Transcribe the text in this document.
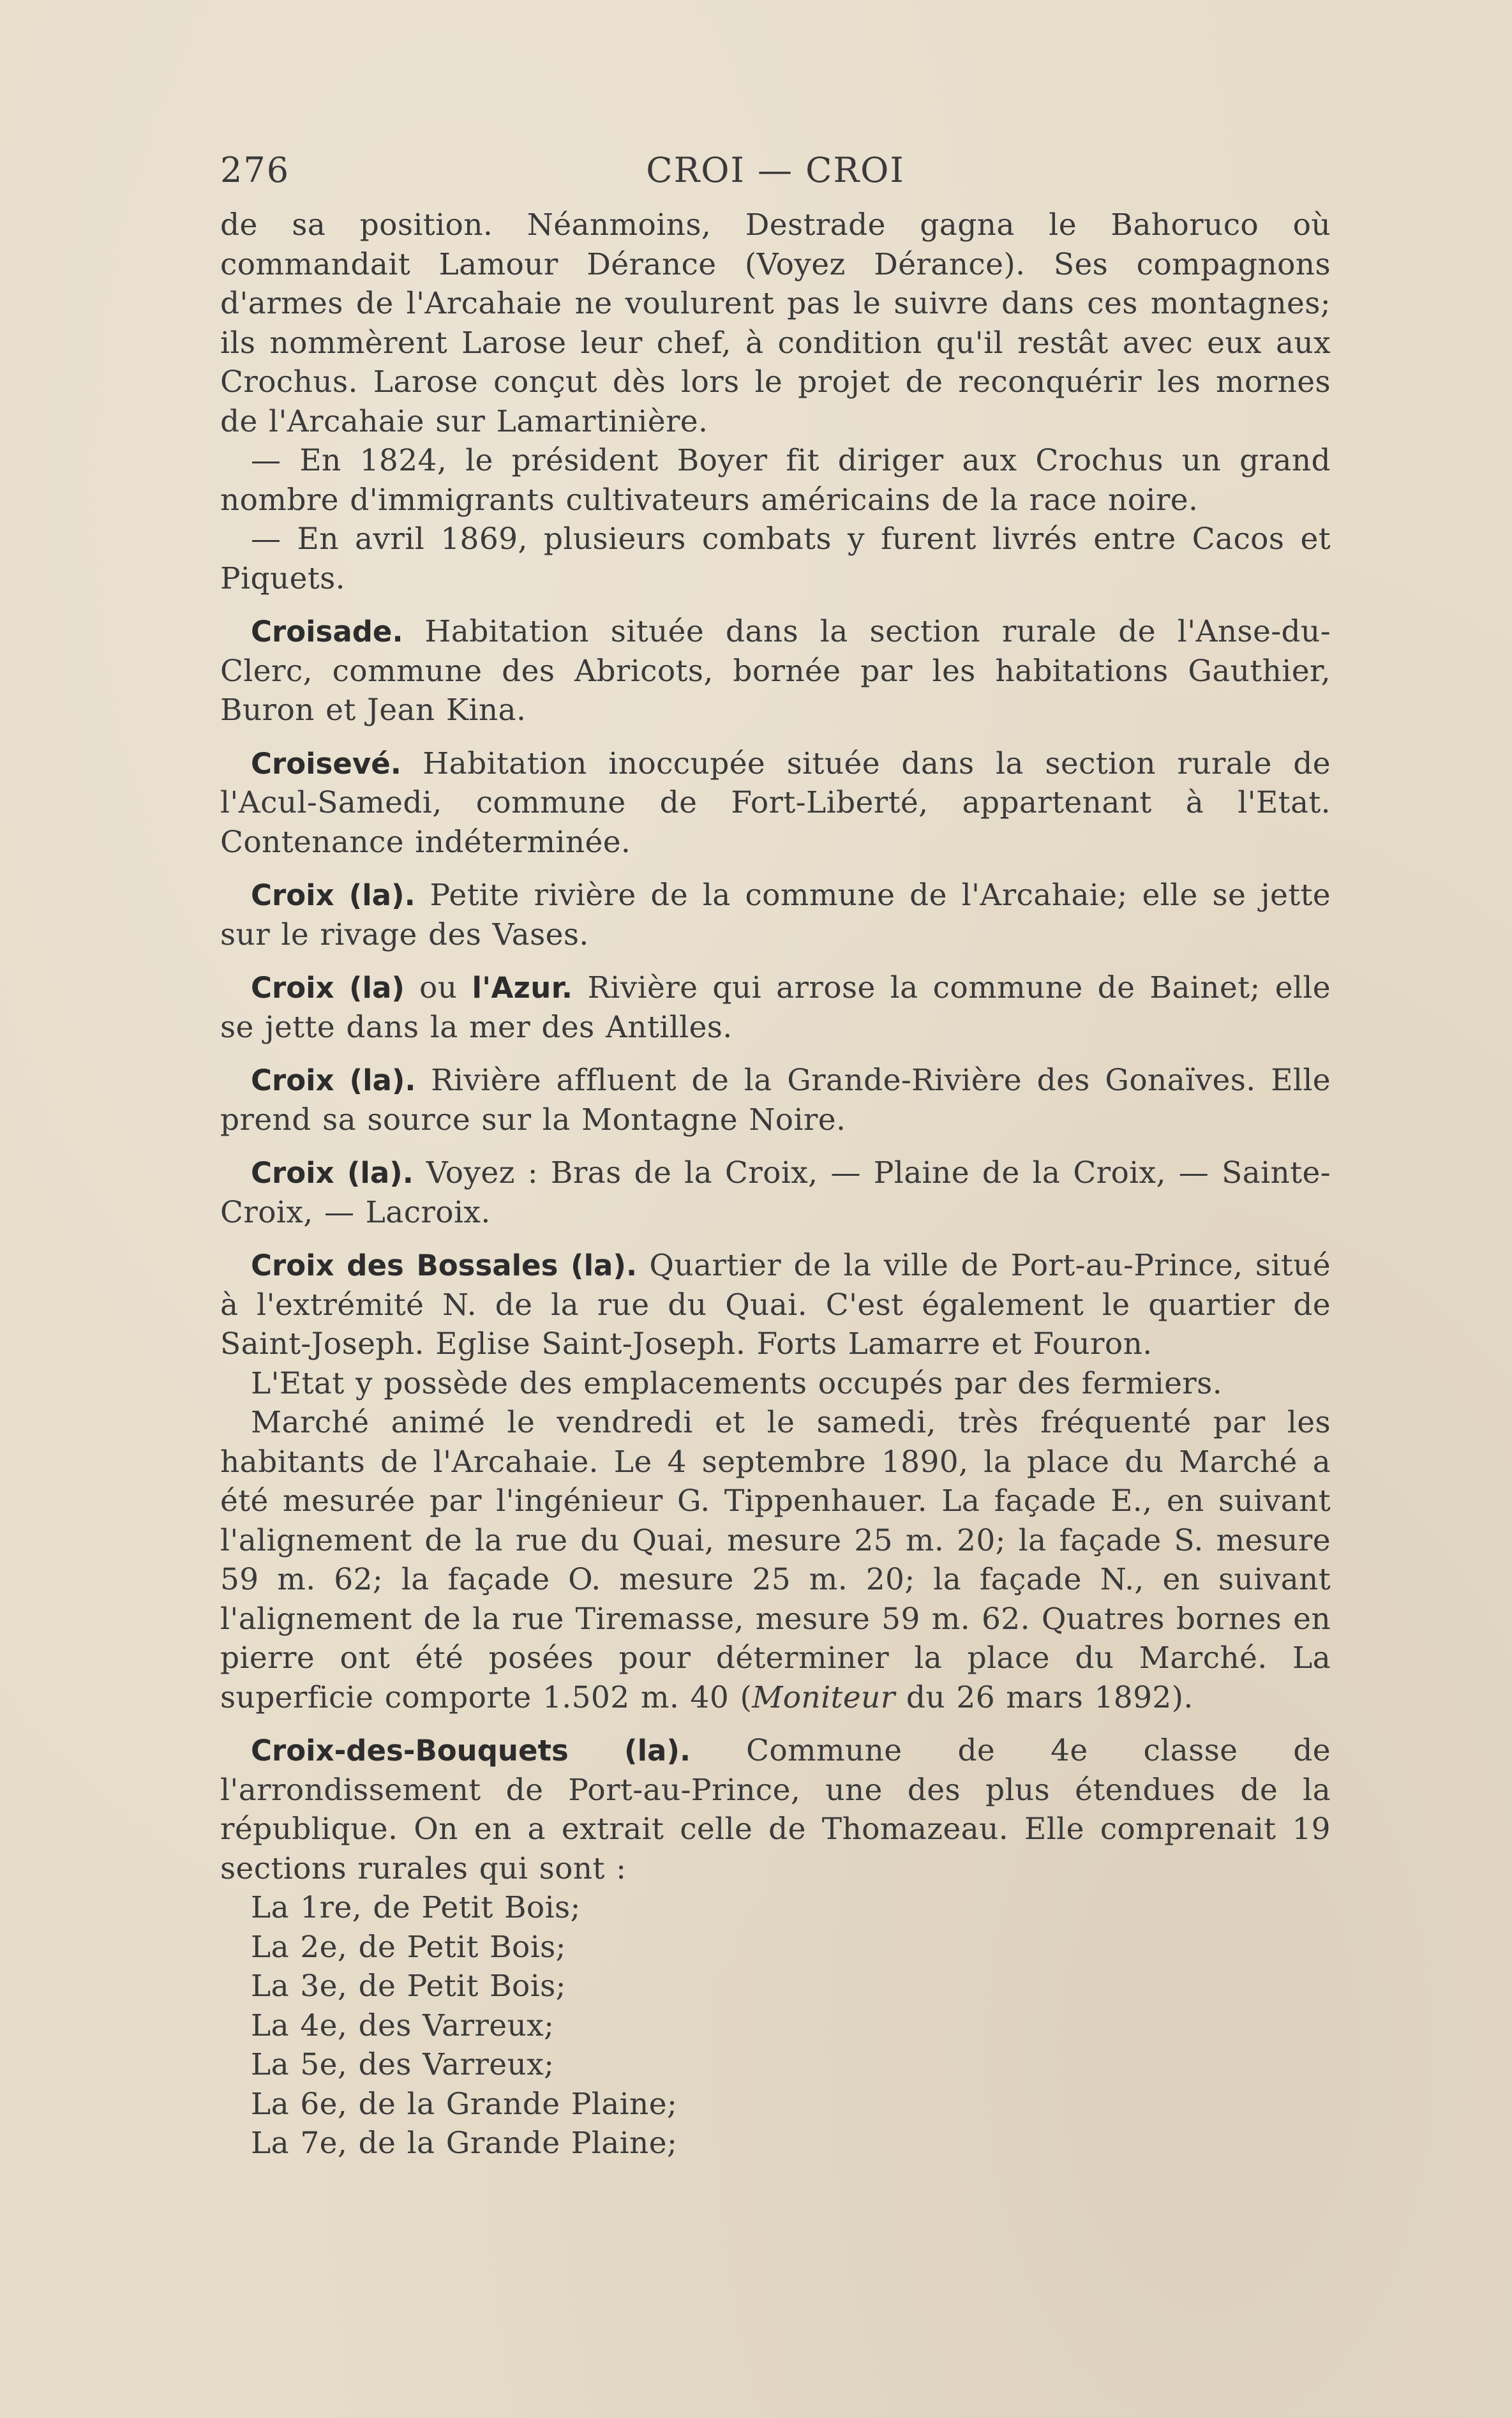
276	CROI — CROI

de sa position. Néanmoins, Destrade gagna le Bahoruco où commandait Lamour Dérance (Voyez Dérance). Ses compagnons d'armes de l'Arcahaie ne voulurent pas le suivre dans ces montagnes; ils nommèrent Larose leur chef, à condition qu'il restât avec eux aux Crochus. Larose conçut dès lors le projet de reconquérir les mornes de l'Arcahaie sur Lamartinière.

— En 1824, le président Boyer fit diriger aux Crochus un grand nombre d'immigrants cultivateurs américains de la race noire.

— En avril 1869, plusieurs combats y furent livrés entre Cacos et Piquets.

Croisade. Habitation située dans la section rurale de l'Anse-du-Clerc, commune des Abricots, bornée par les habitations Gauthier, Buron et Jean Kina.

Croisevé. Habitation inoccupée située dans la section rurale de l'Acul-Samedi, commune de Fort-Liberté, appartenant à l'Etat. Contenance indéterminée.

Croix (la). Petite rivière de la commune de l'Arcahaie; elle se jette sur le rivage des Vases.

Croix (la) ou l'Azur. Rivière qui arrose la commune de Bainet; elle se jette dans la mer des Antilles.

Croix (la). Rivière affluent de la Grande-Rivière des Gonaïves. Elle prend sa source sur la Montagne Noire.

Croix (la). Voyez : Bras de la Croix, — Plaine de la Croix, — Sainte-Croix, — Lacroix.

Croix des Bossales (la). Quartier de la ville de Port-au-Prince, situé à l'extrémité N. de la rue du Quai. C'est également le quartier de Saint-Joseph. Eglise Saint-Joseph. Forts Lamarre et Fouron.

L'Etat y possède des emplacements occupés par des fermiers.

Marché animé le vendredi et le samedi, très fréquenté par les habitants de l'Arcahaie. Le 4 septembre 1890, la place du Marché a été mesurée par l'ingénieur G. Tippenhauer. La façade E., en suivant l'alignement de la rue du Quai, mesure 25 m. 20; la façade S. mesure 59 m. 62; la façade O. mesure 25 m. 20; la façade N., en suivant l'alignement de la rue Tiremasse, mesure 59 m. 62. Quatres bornes en pierre ont été posées pour déterminer la place du Marché. La superficie comporte 1.502 m. 40 (Moniteur du 26 mars 1892).

Croix-des-Bouquets (la). Commune de 4e classe de l'arrondissement de Port-au-Prince, une des plus étendues de la république. On en a extrait celle de Thomazeau. Elle comprenait 19 sections rurales qui sont :

La 1re, de Petit Bois;
La 2e, de Petit Bois;
La 3e, de Petit Bois;
La 4e, des Varreux;
La 5e, des Varreux;
La 6e, de la Grande Plaine;
La 7e, de la Grande Plaine;
